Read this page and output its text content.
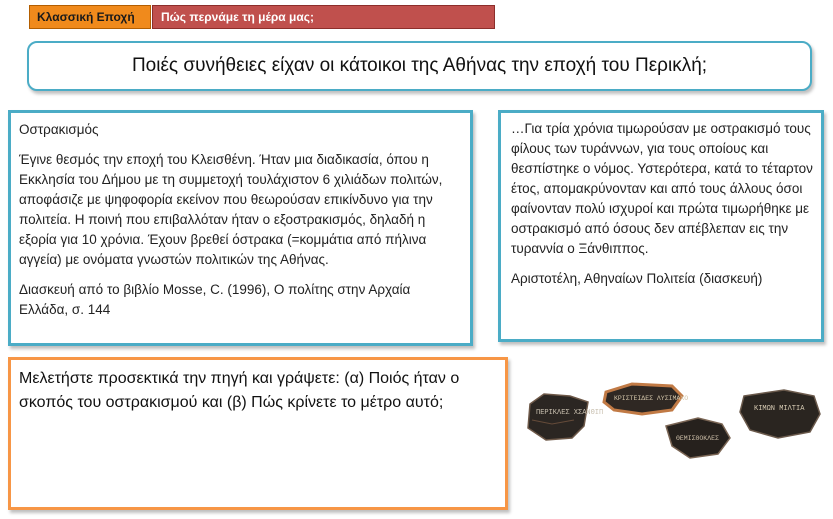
Κλασσική Εποχή	Πώς περνάμε τη μέρα μας;
Ποιές συνήθειες είχαν οι κάτοικοι της Αθήνας την εποχή του Περικλή;

Οστρακισμός

Έγινε θεσμός την εποχή του Κλεισθένη. Ήταν μια διαδικασία, όπου η Εκκλησία του Δήμου με τη συμμετοχή τουλάχιστον 6 χιλιάδων πολιτών, αποφάσιζε με ψηφοφορία εκείνον που θεωρούσαν επικίνδυνο για την πολιτεία. Η ποινή που επιβαλλόταν ήταν ο εξοστρακισμός, δηλαδή η εξορία για 10 χρόνια. Έχουν βρεθεί όστρακα (=κομμάτια από πήλινα αγγεία) με ονόματα γνωστών πολιτικών της Αθήνας.

Διασκευή από το βιβλίο Mosse, C. (1996), Ο πολίτης στην Αρχαία Ελλάδα, σ. 144

…Για τρία χρόνια τιμωρούσαν με οστρακισμό τους φίλους των τυράννων, για τους οποίους και θεσπίστηκε ο νόμος. Υστερότερα, κατά το τέταρτον έτος, απομακρύνονταν και από τους άλλους όσοι φαίνονταν πολύ ισχυροί και πρώτα τιμωρήθηκε με οστρακισμό από όσους δεν απέβλεπαν εις την τυραννία ο Ξάνθιππος.

Αριστοτέλη, Αθηναίων Πολιτεία (διασκευή)

Μελετήστε προσεκτικά την πηγή και γράψετε: (α) Ποιός ήταν ο σκοπός του οστρακισμού και (β) Πώς κρίνετε το μέτρο αυτό;
ΠΕΡΙΚΛΕΣ ΧΣΑΝΘΙΠ
ΚΡΙΣΤΕΙΔΕΣ ΛΥΣΙΜΑΧΟ
ΘΕΜΙΣΘΟΚΛΕΣ
ΚΙΜΩΝ ΜΙΛΤΙΑ
